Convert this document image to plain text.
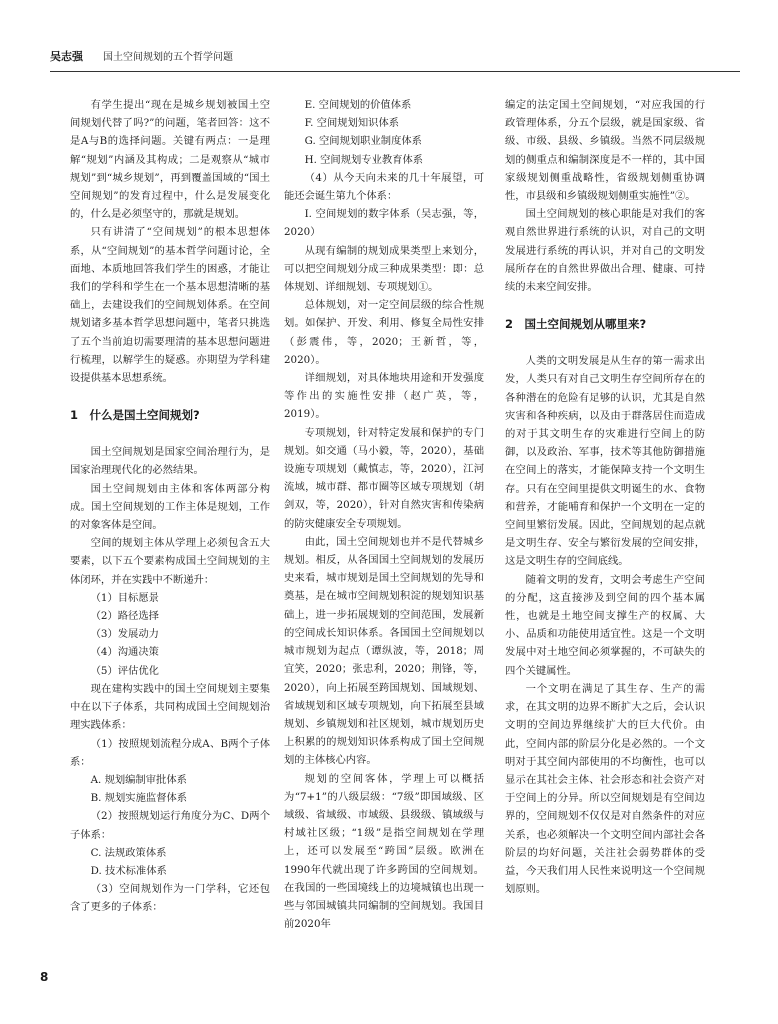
吴志强 国土空间规划的五个哲学问题

有学生提出“现在是城乡规划被国土空间规划代替了吗?”的问题，笔者回答：这不是A与B的选择问题。关键有两点：一是理解“规划”内涵及其构成；二是观察从“城市规划”到“城乡规划”，再到覆盖国域的“国土空间规划”的发育过程中，什么是发展变化的，什么是必须坚守的，那就是规划。

只有讲清了“空间规划”的根本思想体系，从“空间规划”的基本哲学问题讨论，全面地、本质地回答我们学生的困惑，才能让我们的学科和学生在一个基本思想清晰的基础上，去建设我们的空间规划体系。在空间规划诸多基本哲学思想问题中，笔者只挑选了五个当前迫切需要理清的基本思想问题进行梳理，以解学生的疑惑。亦期望为学科建设提供基本思想系统。

1　什么是国土空间规划?

国土空间规划是国家空间治理行为，是国家治理现代化的必然结果。

国土空间规划由主体和客体两部分构成。国土空间规划的工作主体是规划，工作的对象客体是空间。

空间的规划主体从学理上必须包含五大要素，以下五个要素构成国土空间规划的主体闭环，并在实践中不断递升：

（1）目标愿景

（2）路径选择

（3）发展动力

（4）沟通决策

（5）评估优化

现在建构实践中的国土空间规划主要集中在以下子体系，共同构成国土空间规划治理实践体系：

（1）按照规划流程分成A、B两个子体系：

A. 规划编制审批体系

B. 规划实施监督体系

（2）按照规划运行角度分为C、D两个子体系：

C. 法规政策体系

D. 技术标准体系

（3）空间规划作为一门学科，它还包含了更多的子体系：

E. 空间规划的价值体系

F. 空间规划知识体系

G. 空间规划职业制度体系

H. 空间规划专业教育体系

（4）从今天向未来的几十年展望，可能还会诞生第九个体系：

I. 空间规划的数字体系（吴志强，等，2020）

从现有编制的规划成果类型上来划分，可以把空间规划分成三种成果类型：即：总体规划、详细规划、专项规划①。

总体规划，对一定空间层级的综合性规划。如保护、开发、利用、修复全局性安排（彭震伟，等，2020；王新哲，等，2020）。

详细规划，对具体地块用途和开发强度等作出的实施性安排（赵广英，等，2019）。

专项规划，针对特定发展和保护的专门规划。如交通（马小毅，等，2020），基础设施专项规划（戴慎志，等，2020），江河流域，城市群、都市圈等区域专项规划（胡剑双，等，2020），针对自然灾害和传染病的防灾健康安全专项规划。

由此，国土空间规划也并不是代替城乡规划。相反，从各国国土空间规划的发展历史来看，城市规划是国土空间规划的先导和奠基，是在城市空间规划积淀的规划知识基础上，进一步拓展规划的空间范围，发展新的空间成长知识体系。各国国土空间规划以城市规划为起点（谭纵波，等，2018；周宜笑，2020；张忠利，2020；荆锋，等，2020），向上拓展至跨国规划、国域规划、省域规划和区域专项规划，向下拓展至县域规划、乡镇规划和社区规划，城市规划历史上积累的的规划知识体系构成了国土空间规划的主体核心内容。

规划的空间客体，学理上可以概括为“7+1”的八级层级：“7级”即国域级、区域级、省域级、市域级、县级级、镇域级与村域社区级；“1级”是指空间规划在学理上，还可以发展至“跨国”层级。欧洲在1990年代就出现了许多跨国的空间规划。在我国的一些国境线上的边境城镇也出现一些与邻国城镇共同编制的空间规划。我国目前2020年

编定的法定国土空间规划，“对应我国的行政管理体系，分五个层级，就是国家级、省级、市级、县级、乡镇级。当然不同层级规划的侧重点和编制深度是不一样的，其中国家级规划侧重战略性，省级规划侧重协调性，市县级和乡镇级规划侧重实施性”②。

国土空间规划的核心职能是对我们的客观自然世界进行系统的认识，对自己的文明发展进行系统的再认识，并对自己的文明发展所存在的自然世界做出合理、健康、可持续的未来空间安排。

2　国土空间规划从哪里来?

人类的文明发展是从生存的第一需求出发，人类只有对自己文明生存空间所存在的各种潜在的危险有足够的认识，尤其是自然灾害和各种疾病，以及由于群落居住而造成的对于其文明生存的灾难进行空间上的防御，以及政治、军事，技术等其他防御措施在空间上的落实，才能保障支持一个文明生存。只有在空间里提供文明诞生的水、食物和营养，才能哺育和保护一个文明在一定的空间里繁衍发展。因此，空间规划的起点就是文明生存、安全与繁衍发展的空间安排，这是文明生存的空间底线。

随着文明的发育，文明会考虑生产空间的分配，这直接涉及到空间的四个基本属性，也就是土地空间支撑生产的权属、大小、品质和功能使用适宜性。这是一个文明发展中对土地空间必须掌握的，不可缺失的四个关键属性。

一个文明在满足了其生存、生产的需求，在其文明的边界不断扩大之后，会认识文明的空间边界继续扩大的巨大代价。由此，空间内部的阶层分化是必然的。一个文明对于其空间内部使用的不均衡性，也可以显示在其社会主体、社会形态和社会资产对于空间上的分异。所以空间规划是有空间边界的，空间规划不仅仅是对自然条件的对应关系，也必须解决一个文明空间内部社会各阶层的均好问题，关注社会弱势群体的受益，今天我们用人民性来说明这一个空间规划原则。

8
